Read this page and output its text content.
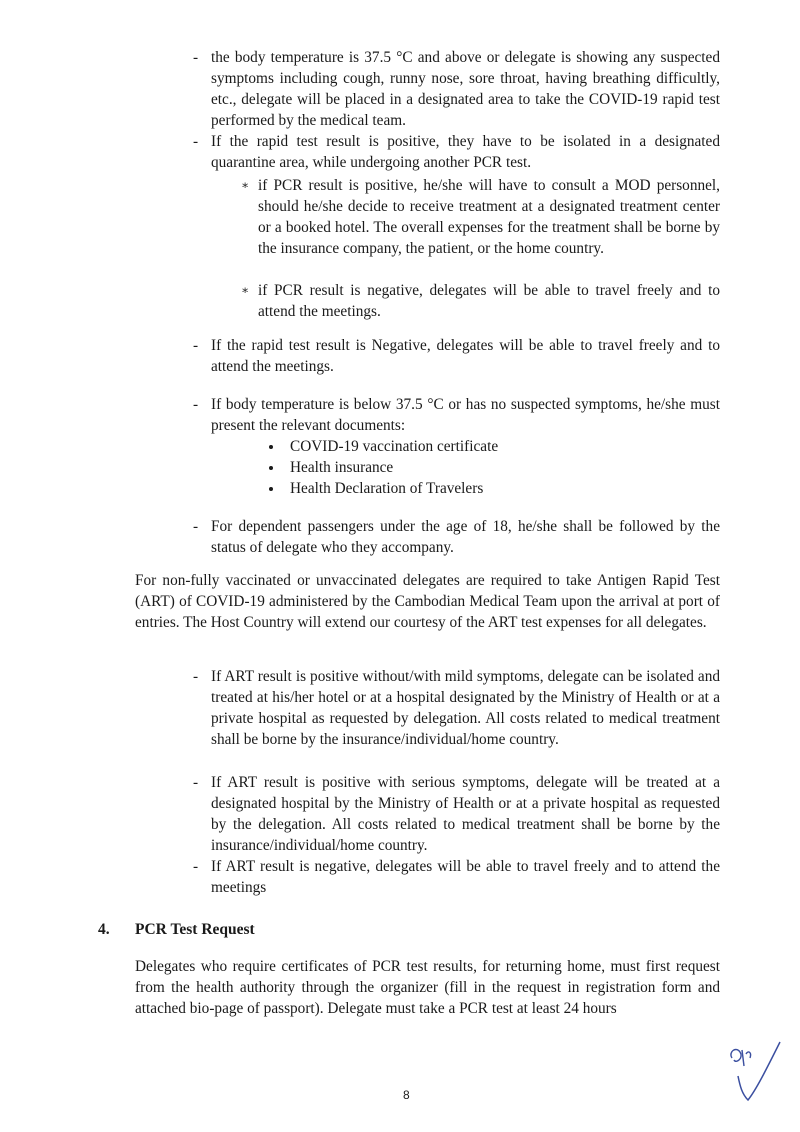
- the body temperature is 37.5 °C and above or delegate is showing any suspected symptoms including cough, runny nose, sore throat, having breathing difficultly, etc., delegate will be placed in a designated area to take the COVID-19 rapid test performed by the medical team.
- If the rapid test result is positive, they have to be isolated in a designated quarantine area, while undergoing another PCR test.
∗ if PCR result is positive, he/she will have to consult a MOD personnel, should he/she decide to receive treatment at a designated treatment center or a booked hotel. The overall expenses for the treatment shall be borne by the insurance company, the patient, or the home country.
∗ if PCR result is negative, delegates will be able to travel freely and to attend the meetings.
- If the rapid test result is Negative, delegates will be able to travel freely and to attend the meetings.
- If body temperature is below 37.5 °C or has no suspected symptoms, he/she must present the relevant documents:
COVID-19 vaccination certificate
Health insurance
Health Declaration of Travelers
- For dependent passengers under the age of 18, he/she shall be followed by the status of delegate who they accompany.
For non-fully vaccinated or unvaccinated delegates are required to take Antigen Rapid Test (ART) of COVID-19 administered by the Cambodian Medical Team upon the arrival at port of entries. The Host Country will extend our courtesy of the ART test expenses for all delegates.
- If ART result is positive without/with mild symptoms, delegate can be isolated and treated at his/her hotel or at a hospital designated by the Ministry of Health or at a private hospital as requested by delegation. All costs related to medical treatment shall be borne by the insurance/individual/home country.
- If ART result is positive with serious symptoms, delegate will be treated at a designated hospital by the Ministry of Health or at a private hospital as requested by the delegation. All costs related to medical treatment shall be borne by the insurance/individual/home country.
- If ART result is negative, delegates will be able to travel freely and to attend the meetings
4. PCR Test Request
Delegates who require certificates of PCR test results, for returning home, must first request from the health authority through the organizer (fill in the request in registration form and attached bio-page of passport). Delegate must take a PCR test at least 24 hours
8
